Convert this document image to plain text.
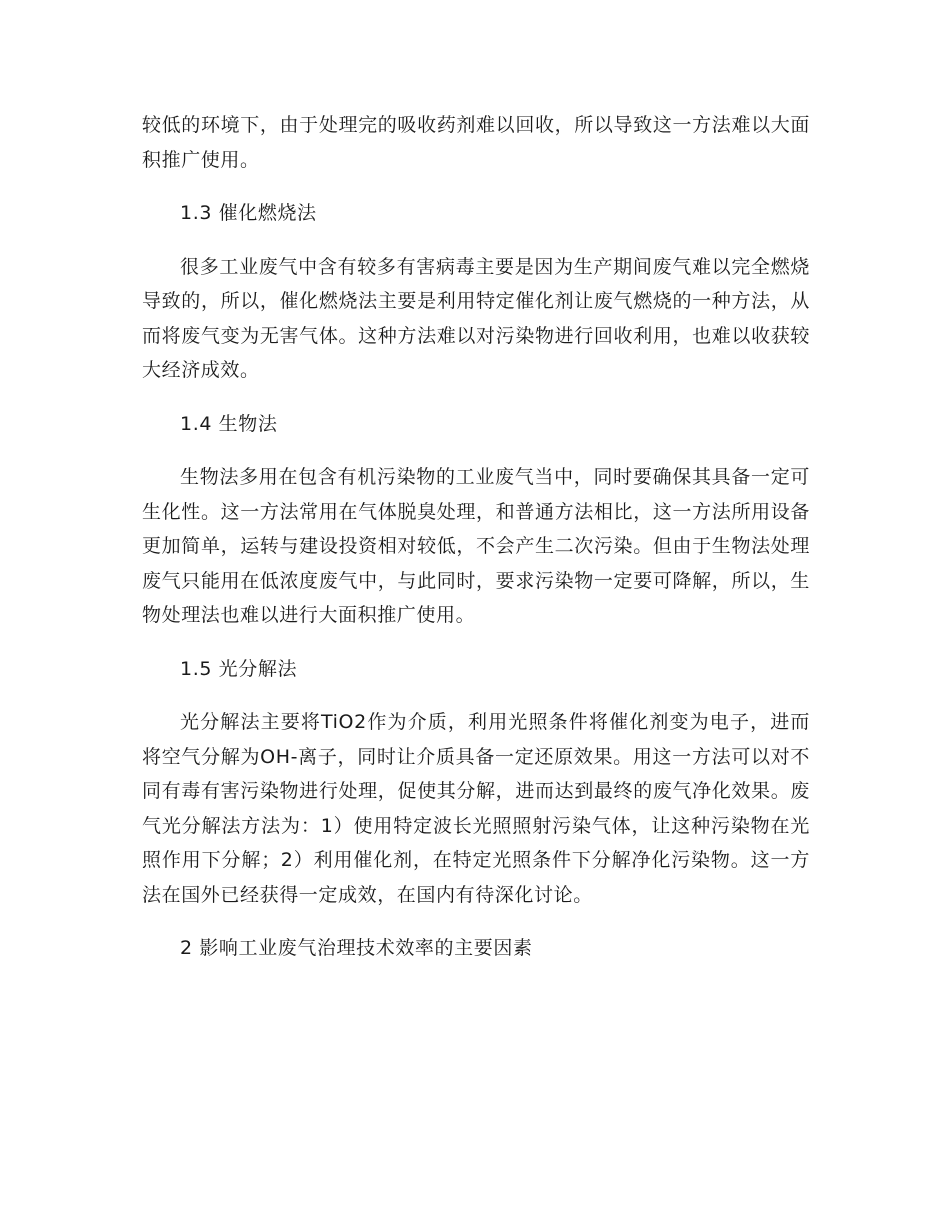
较低的环境下，由于处理完的吸收药剂难以回收，所以导致这一方法难以大面积推广使用。

1.3 催化燃烧法

很多工业废气中含有较多有害病毒主要是因为生产期间废气难以完全燃烧导致的，所以，催化燃烧法主要是利用特定催化剂让废气燃烧的一种方法，从而将废气变为无害气体。这种方法难以对污染物进行回收利用，也难以收获较大经济成效。

1.4 生物法

生物法多用在包含有机污染物的工业废气当中，同时要确保其具备一定可生化性。这一方法常用在气体脱臭处理，和普通方法相比，这一方法所用设备更加简单，运转与建设投资相对较低，不会产生二次污染。但由于生物法处理废气只能用在低浓度废气中，与此同时，要求污染物一定要可降解，所以，生物处理法也难以进行大面积推广使用。

1.5 光分解法

光分解法主要将TiO2作为介质，利用光照条件将催化剂变为电子，进而将空气分解为OH-离子，同时让介质具备一定还原效果。用这一方法可以对不同有毒有害污染物进行处理，促使其分解，进而达到最终的废气净化效果。废气光分解法方法为：1）使用特定波长光照照射污染气体，让这种污染物在光照作用下分解；2）利用催化剂，在特定光照条件下分解净化污染物。这一方法在国外已经获得一定成效，在国内有待深化讨论。

2 影响工业废气治理技术效率的主要因素
